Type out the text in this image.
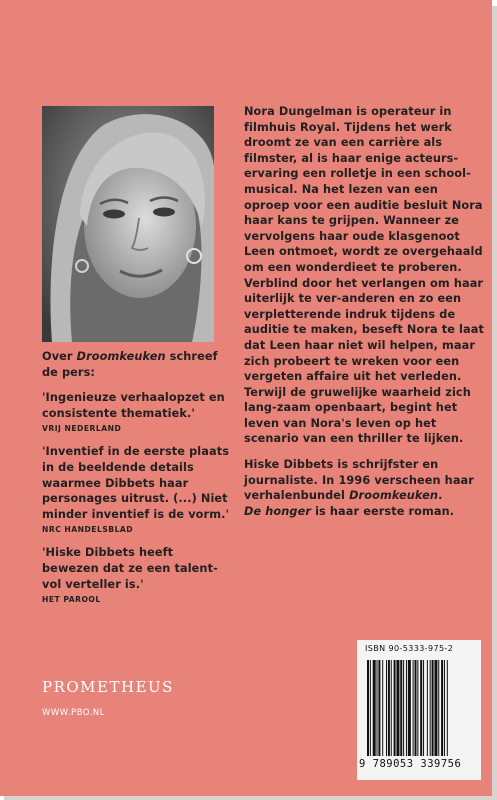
Over Droomkeuken schreef de pers:

'Ingenieuze verhaalopzet en consistente thematiek.'

VRIJ NEDERLAND

'Inventief in de eerste plaats in de beeldende details waarmee Dibbets haar personages uitrust. (...) Niet minder inventief is de vorm.'

NRC HANDELSBLAD

'Hiske Dibbets heeft bewezen dat ze een talent-vol verteller is.'

HET PAROOL

PROMETHEUS
WWW.PBO.NL

Nora Dungelman is operateur in filmhuis Royal. Tijdens het werk droomt ze van een carrière als filmster, al is haar enige acteurs-ervaring een rolletje in een school-musical. Na het lezen van een oproep voor een auditie besluit Nora haar kans te grijpen. Wanneer ze vervolgens haar oude klasgenoot Leen ontmoet, wordt ze overgehaald om een wonderdieet te proberen. Verblind door het verlangen om haar uiterlijk te ver-anderen en zo een verpletterende indruk tijdens de auditie te maken, beseft Nora te laat dat Leen haar niet wil helpen, maar zich probeert te wreken voor een vergeten affaire uit het verleden. Terwijl de gruwelijke waarheid zich lang-zaam openbaart, begint het leven van Nora's leven op het scenario van een thriller te lijken.

Hiske Dibbets is schrijfster en journaliste. In 1996 verscheen haar verhalenbundel Droomkeuken.
De honger is haar eerste roman.

ISBN 90-5333-975-2
9 789053 339756
